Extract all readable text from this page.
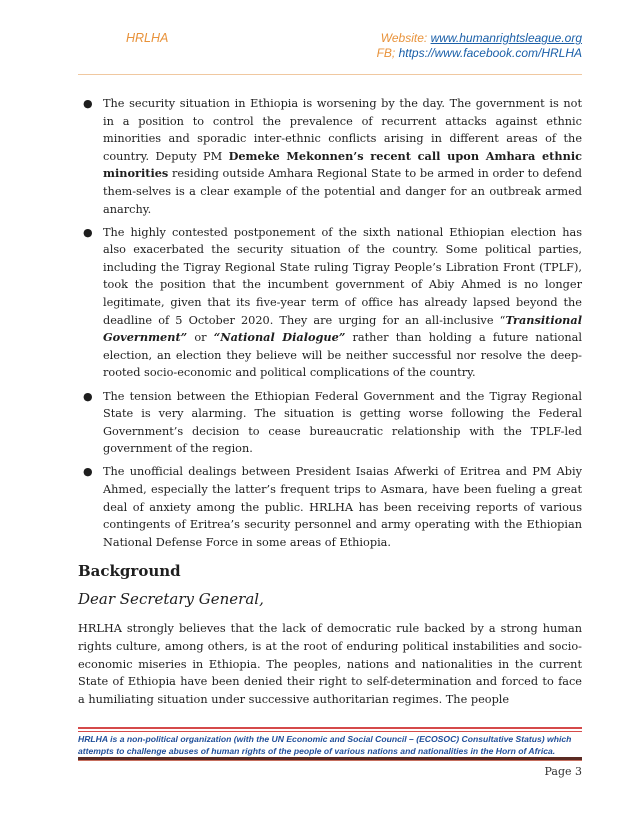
HRLHA	Website: www.humanrightsleague.org
FB; https://www.facebook.com/HRLHA
● The security situation in Ethiopia is worsening by the day. The government is not in a position to control the prevalence of recurrent attacks against ethnic minorities and sporadic inter-ethnic conflicts arising in different areas of the country. Deputy PM Demeke Mekonnen’s recent call upon Amhara ethnic minorities residing outside Amhara Regional State to be armed in order to defend them-selves is a clear example of the potential and danger for an outbreak armed anarchy.
● The highly contested postponement of the sixth national Ethiopian election has also exacerbated the security situation of the country. Some political parties, including the Tigray Regional State ruling Tigray People’s Libration Front (TPLF), took the position that the incumbent government of Abiy Ahmed is no longer legitimate, given that its five-year term of office has already lapsed beyond the deadline of 5 October 2020. They are urging for an all-inclusive “Transitional Government” or “National Dialogue” rather than holding a future national election, an election they believe will be neither successful nor resolve the deep-rooted socio-economic and political complications of the country.
● The tension between the Ethiopian Federal Government and the Tigray Regional State is very alarming. The situation is getting worse following the Federal Government’s decision to cease bureaucratic relationship with the TPLF-led government of the region.
● The unofficial dealings between President Isaias Afwerki of Eritrea and PM Abiy Ahmed, especially the latter’s frequent trips to Asmara, have been fueling a great deal of anxiety among the public. HRLHA has been receiving reports of various contingents of Eritrea’s security personnel and army operating with the Ethiopian National Defense Force in some areas of Ethiopia.
Background

Dear Secretary General,

HRLHA strongly believes that the lack of democratic rule backed by a strong human rights culture, among others, is at the root of enduring political instabilities and socio-economic miseries in Ethiopia. The peoples, nations and nationalities in the current State of Ethiopia have been denied their right to self-determination and forced to face a humiliating situation under successive authoritarian regimes. The people

HRLHA is a non-political organization (with the UN Economic and Social Council – (ECOSOC) Consultative Status) which attempts to challenge abuses of human rights of the people of various nations and nationalities in the Horn of Africa.
Page 3
